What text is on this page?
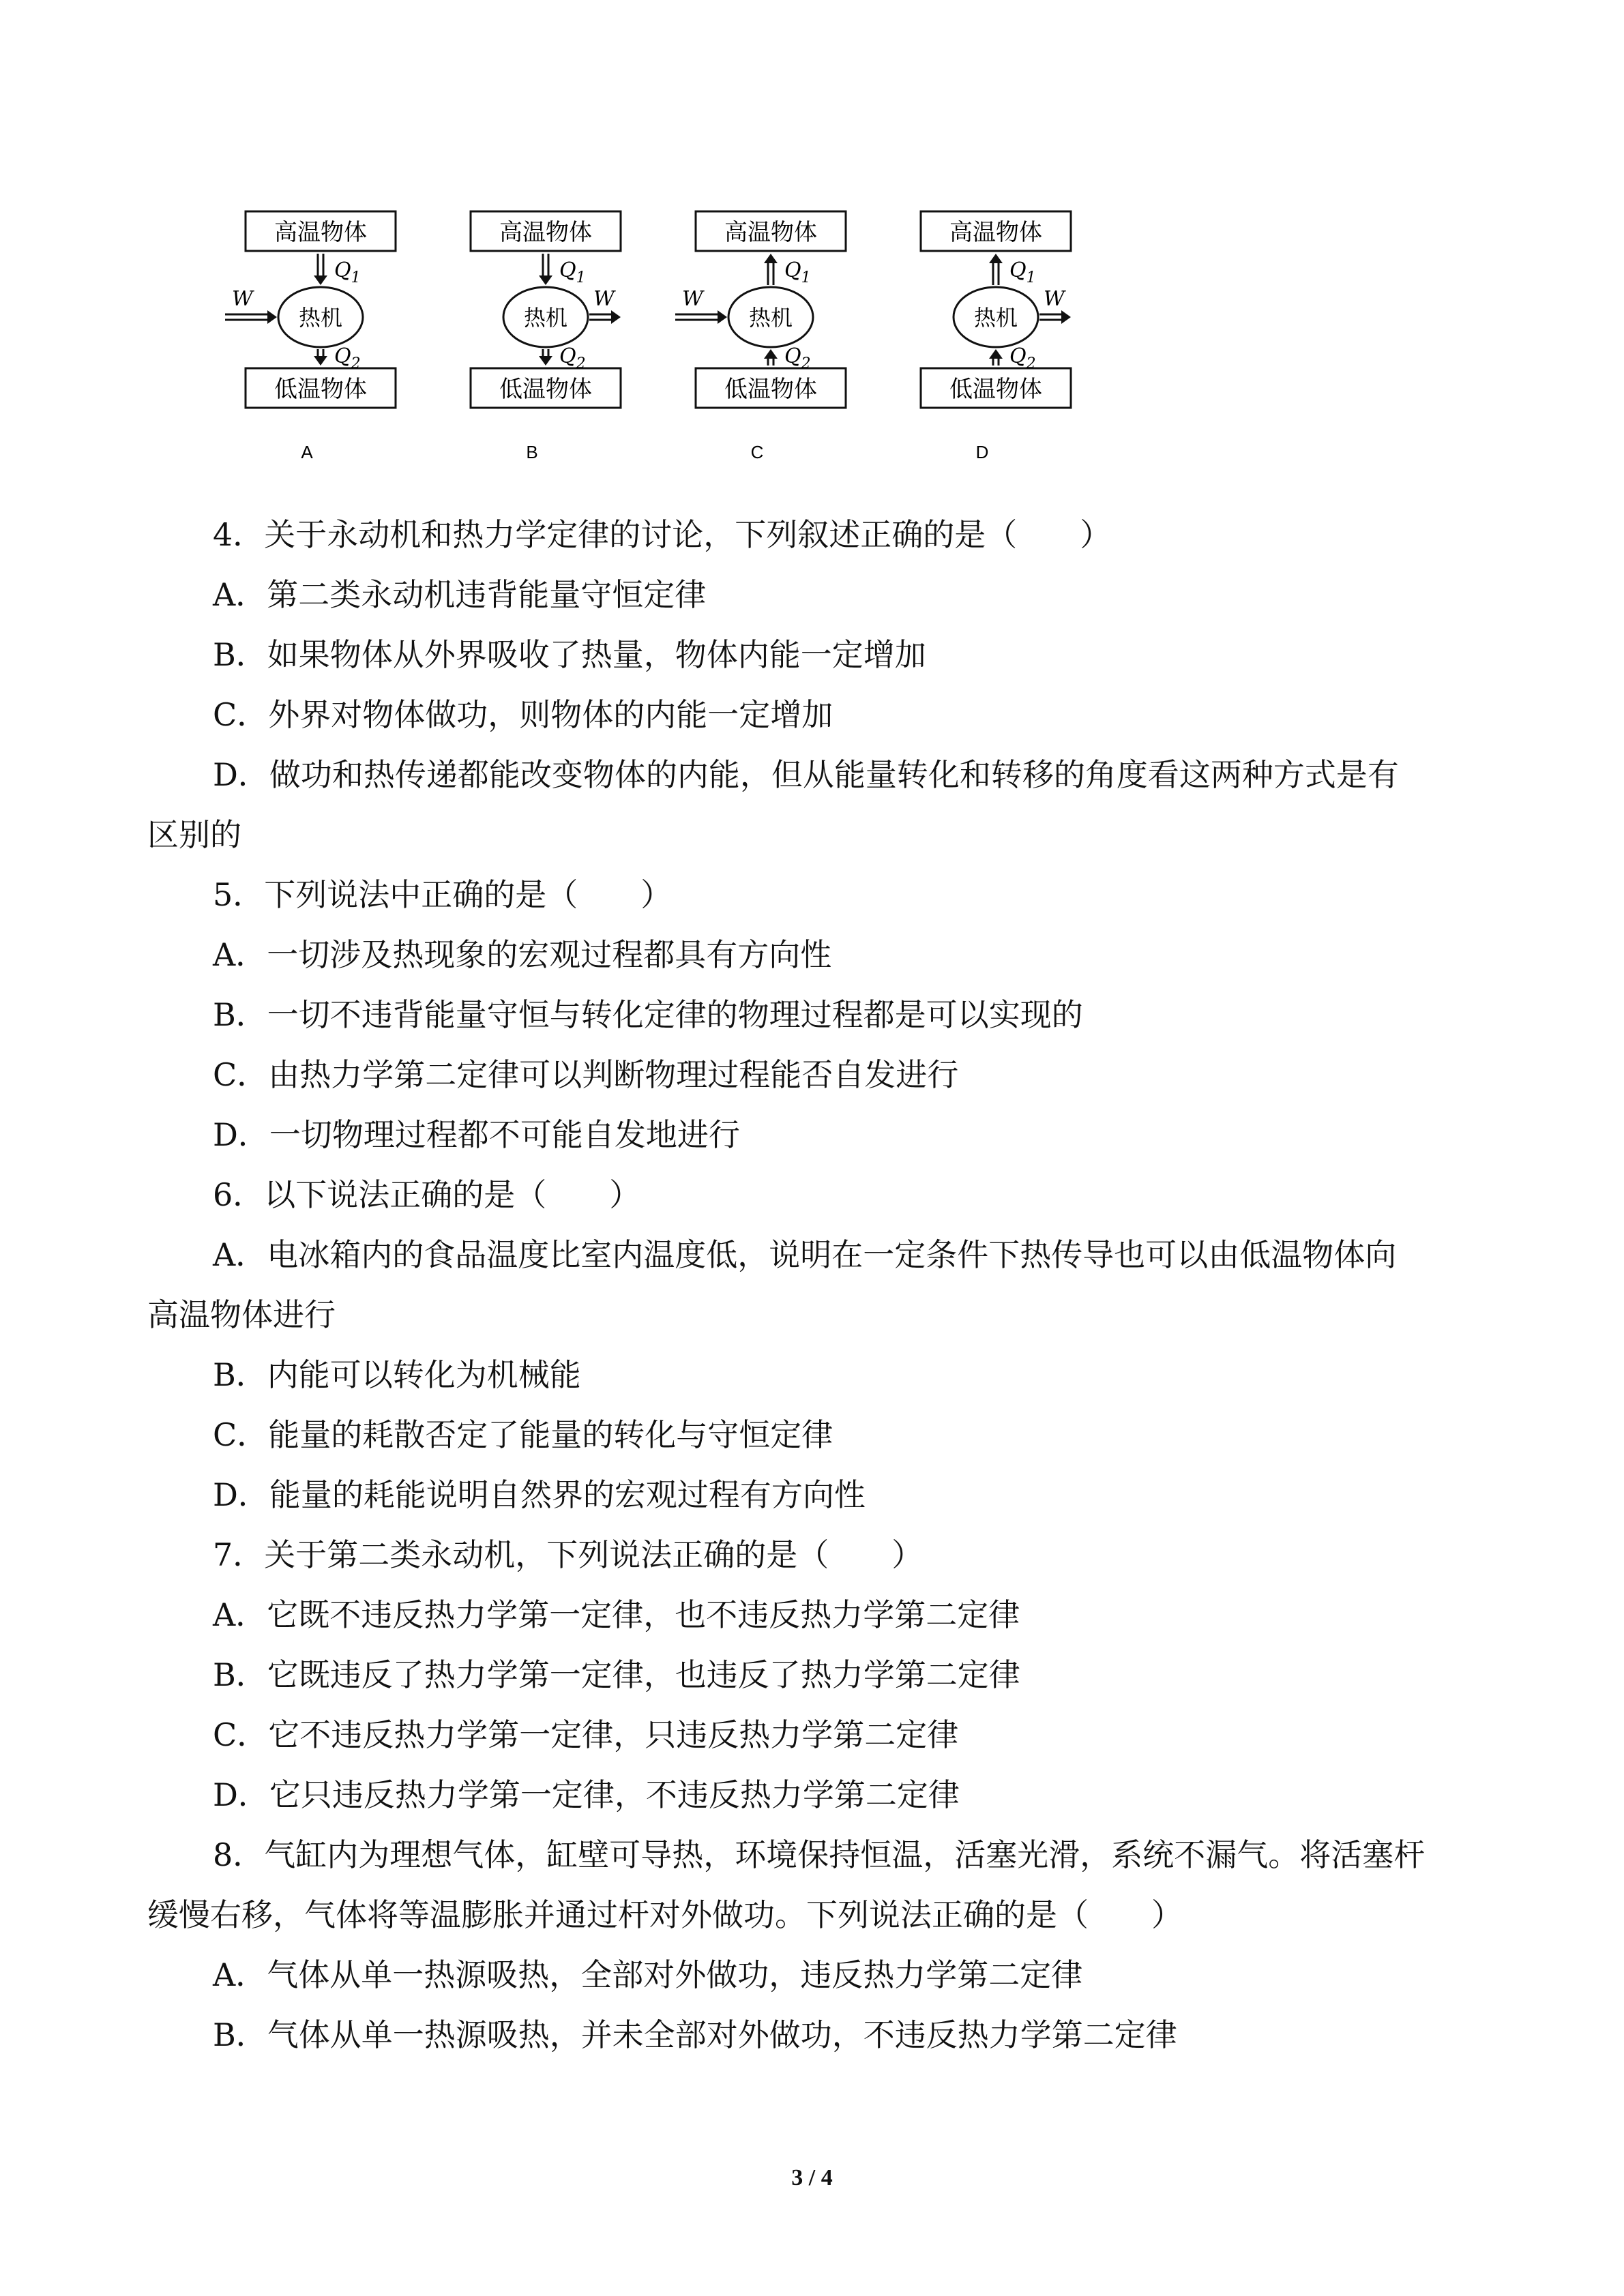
高温物体
热机
低温物体
$Q_1$
$Q_2$
W
A
高温物体
热机
低温物体
$Q_1$
$Q_2$
W
B
高温物体
热机
低温物体
$Q_1$
$Q_2$
W
C
高温物体
热机
低温物体
$Q_1$
$Q_2$
W
D
4．关于永动机和热力学定律的讨论，下列叙述正确的是（　　）
A．第二类永动机违背能量守恒定律
B．如果物体从外界吸收了热量，物体内能一定增加
C．外界对物体做功，则物体的内能一定增加
D．做功和热传递都能改变物体的内能，但从能量转化和转移的角度看这两种方式是有
区别的
5．下列说法中正确的是（　　）
A．一切涉及热现象的宏观过程都具有方向性
B．一切不违背能量守恒与转化定律的物理过程都是可以实现的
C．由热力学第二定律可以判断物理过程能否自发进行
D．一切物理过程都不可能自发地进行
6．以下说法正确的是（　　）
A．电冰箱内的食品温度比室内温度低，说明在一定条件下热传导也可以由低温物体向
高温物体进行
B．内能可以转化为机械能
C．能量的耗散否定了能量的转化与守恒定律
D．能量的耗能说明自然界的宏观过程有方向性
7．关于第二类永动机，下列说法正确的是（　　）
A．它既不违反热力学第一定律，也不违反热力学第二定律
B．它既违反了热力学第一定律，也违反了热力学第二定律
C．它不违反热力学第一定律，只违反热力学第二定律
D．它只违反热力学第一定律，不违反热力学第二定律
8．气缸内为理想气体，缸壁可导热，环境保持恒温，活塞光滑，系统不漏气。将活塞杆
缓慢右移，气体将等温膨胀并通过杆对外做功。下列说法正确的是（　　）
A．气体从单一热源吸热，全部对外做功，违反热力学第二定律
B．气体从单一热源吸热，并未全部对外做功，不违反热力学第二定律
3 / 4
